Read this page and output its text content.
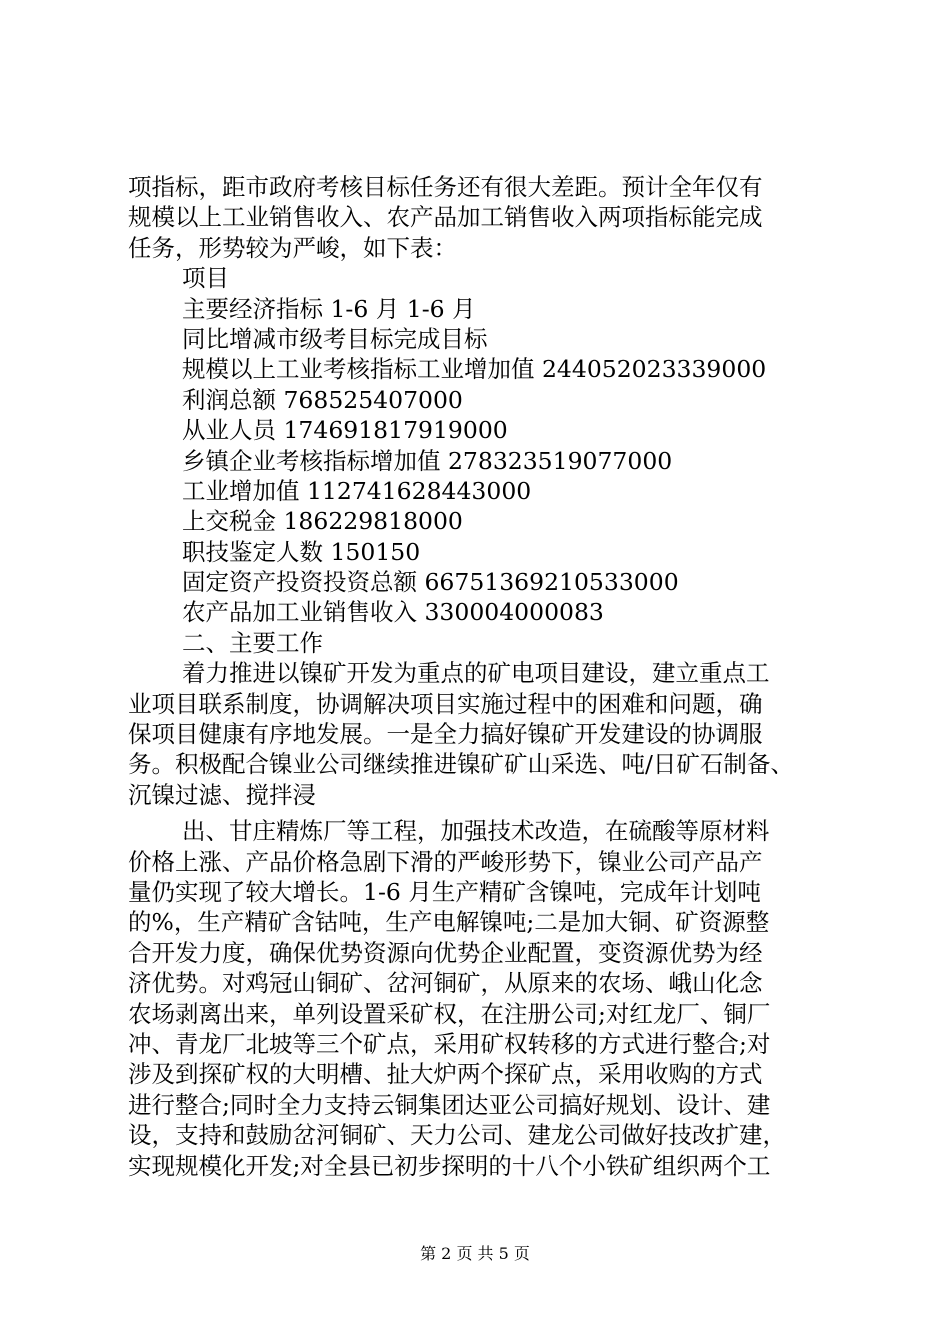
项指标，距市政府考核目标任务还有很大差距。预计全年仅有
规模以上工业销售收入、农产品加工销售收入两项指标能完成
任务，形势较为严峻，如下表：
项目
主要经济指标 1-6 月 1-6 月
同比增减市级考目标完成目标
规模以上工业考核指标工业增加值 244052023339000
利润总额 768525407000
从业人员 174691817919000
乡镇企业考核指标增加值 278323519077000
工业增加值 112741628443000
上交税金 186229818000
职技鉴定人数 150150
固定资产投资投资总额 66751369210533000
农产品加工业销售收入 330004000083
二、主要工作
着力推进以镍矿开发为重点的矿电项目建设，建立重点工
业项目联系制度，协调解决项目实施过程中的困难和问题，确
保项目健康有序地发展。一是全力搞好镍矿开发建设的协调服
务。积极配合镍业公司继续推进镍矿矿山采选、吨/日矿石制备、
沉镍过滤、搅拌浸
出、甘庄精炼厂等工程，加强技术改造，在硫酸等原材料
价格上涨、产品价格急剧下滑的严峻形势下，镍业公司产品产
量仍实现了较大增长。1-6 月生产精矿含镍吨，完成年计划吨
的%，生产精矿含钴吨，生产电解镍吨;二是加大铜、矿资源整
合开发力度，确保优势资源向优势企业配置，变资源优势为经
济优势。对鸡冠山铜矿、岔河铜矿，从原来的农场、峨山化念
农场剥离出来，单列设置采矿权，在注册公司;对红龙厂、铜厂
冲、青龙厂北坡等三个矿点，采用矿权转移的方式进行整合;对
涉及到探矿权的大明槽、扯大炉两个探矿点，采用收购的方式
进行整合;同时全力支持云铜集团达亚公司搞好规划、设计、建
设，支持和鼓励岔河铜矿、天力公司、建龙公司做好技改扩建，
实现规模化开发;对全县已初步探明的十八个小铁矿组织两个工
第 2 页 共 5 页
